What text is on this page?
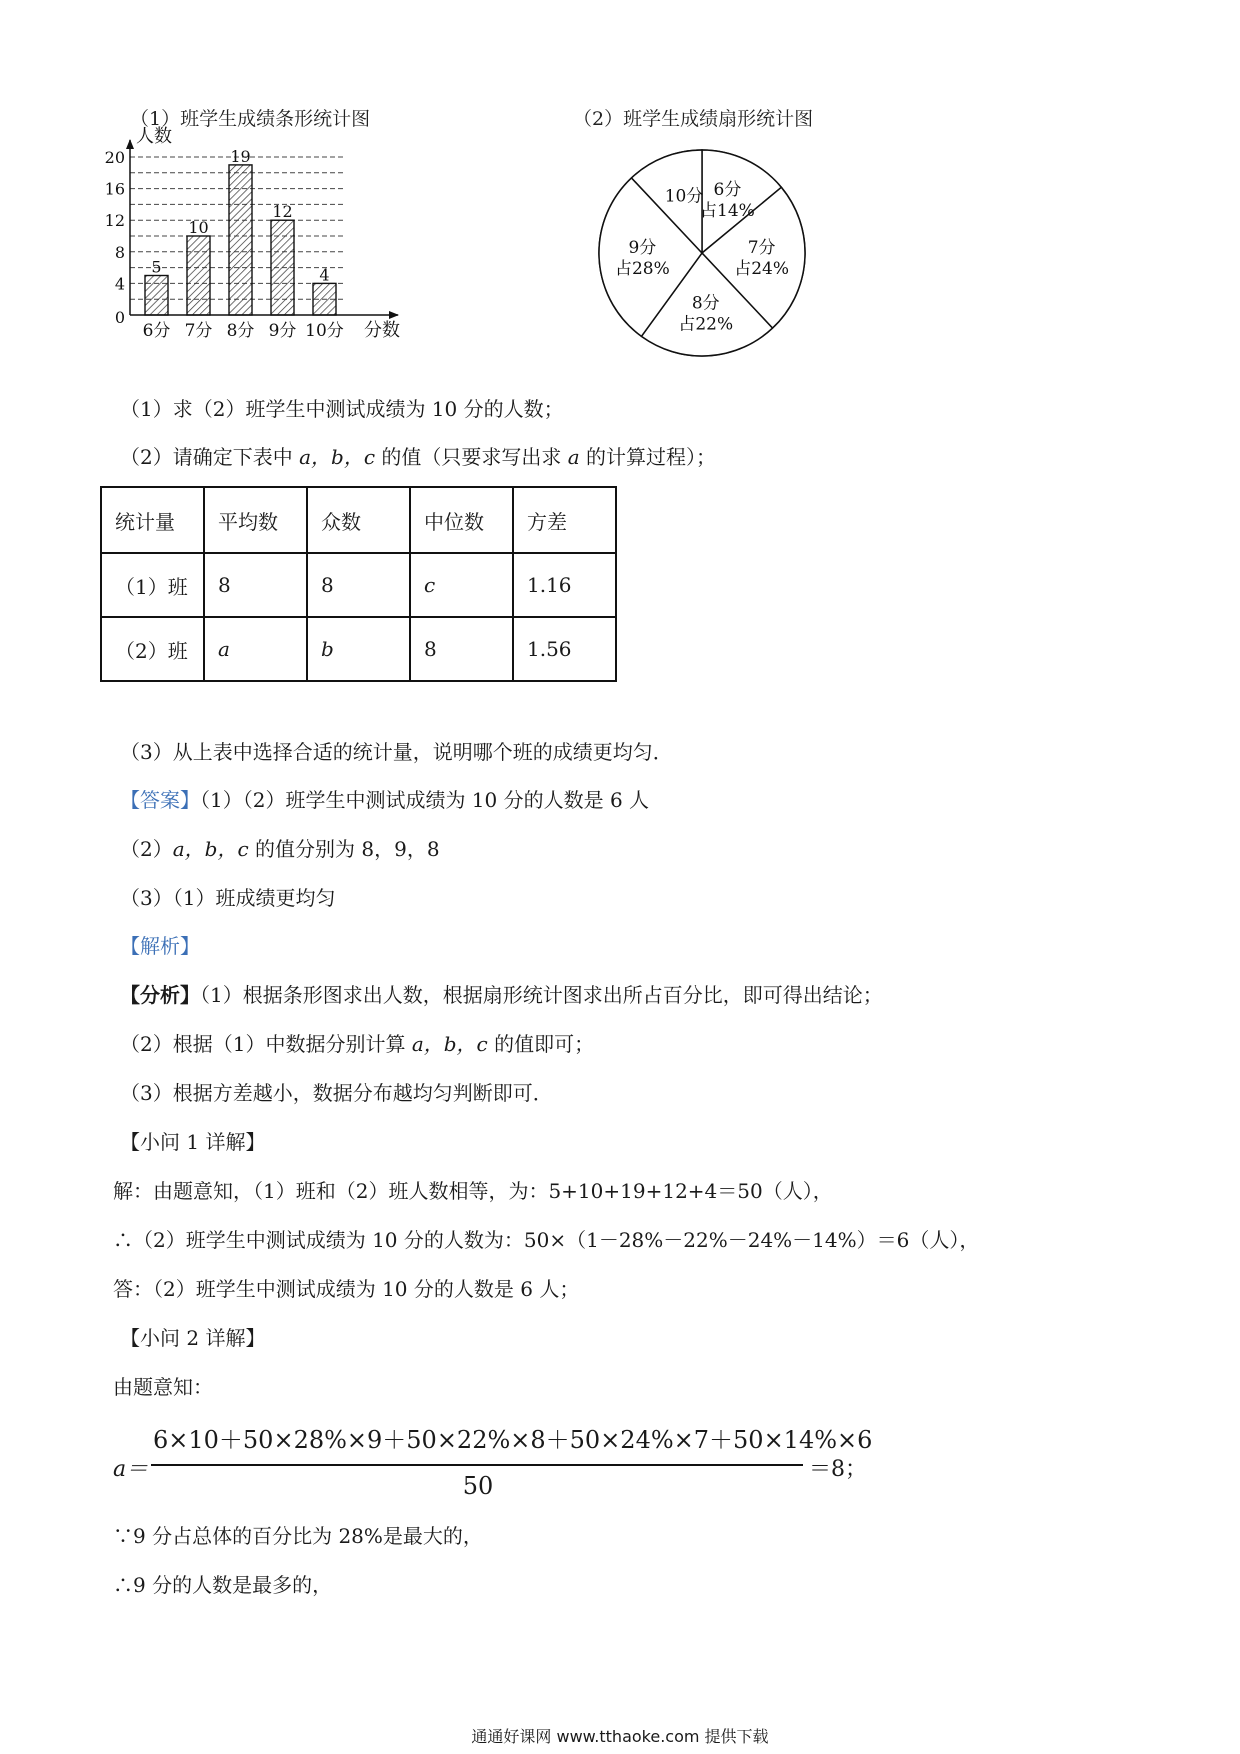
（1）班学生成绩条形统计图
人数
分数
0
4
8
12
16
20
5
6分
10
7分
19
8分
12
9分
4
10分
（2）班学生成绩扇形统计图
6分
占14%
7分
占24%
8分
占22%
9分
占28%
10分
（1）求（2）班学生中测试成绩为 10 分的人数；
（2）请确定下表中 a，b，c 的值（只要求写出求 a 的计算过程）；
统计量	平均数	众数	中位数	方差
（1）班	8	8	c	1.16
（2）班	a	b	8	1.56
（3）从上表中选择合适的统计量，说明哪个班的成绩更均匀．
【答案】（1）（2）班学生中测试成绩为 10 分的人数是 6 人
（2）a，b，c 的值分别为 8，9，8
（3）（1）班成绩更均匀
【解析】
【分析】（1）根据条形图求出人数，根据扇形统计图求出所占百分比，即可得出结论；
（2）根据（1）中数据分别计算 a，b，c 的值即可；
（3）根据方差越小，数据分布越均匀判断即可．
【小问 1 详解】
解：由题意知，（1）班和（2）班人数相等，为：5+10+19+12+4＝50（人），
∴（2）班学生中测试成绩为 10 分的人数为：50×（1－28%－22%－24%－14%）＝6（人），
答：（2）班学生中测试成绩为 10 分的人数是 6 人；
【小问 2 详解】
由题意知：
a＝
6×10＋50×28%×9＋50×22%×8＋50×24%×7＋50×14%×6
50
＝8；
∵9 分占总体的百分比为 28%是最大的，
∴9 分的人数是最多的，
通通好课网 www.tthaoke.com 提供下载
